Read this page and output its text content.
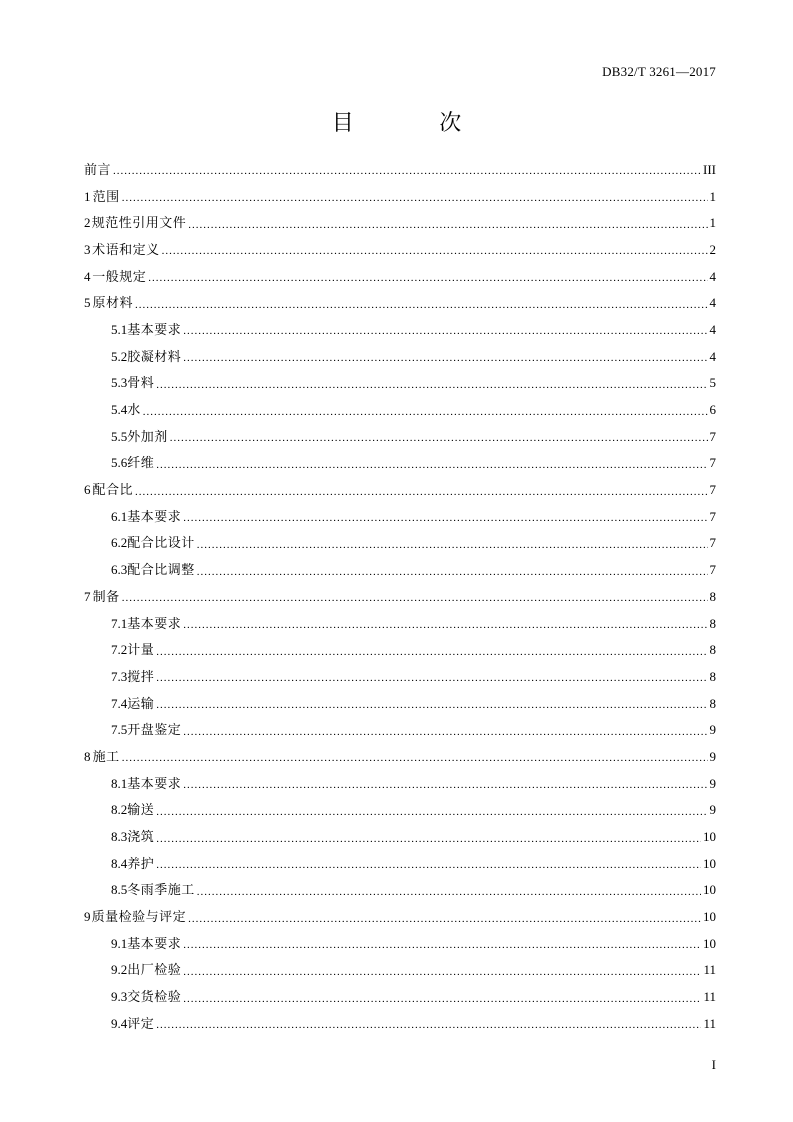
DB32/T 3261—2017
目 次
前言 .....	III
1 范围 .....	1
2 规范性引用文件 .....	1
3 术语和定义 .....	2
4 一般规定 .....	4
5 原材料 .....	4
5.1 基本要求 .....	4
5.2 胶凝材料 .....	4
5.3 骨料 .....	5
5.4 水 .....	6
5.5 外加剂 .....	7
5.6 纤维 .....	7
6 配合比 .....	7
6.1 基本要求 .....	7
6.2 配合比设计 .....	7
6.3 配合比调整 .....	7
7 制备 .....	8
7.1 基本要求 .....	8
7.2 计量 .....	8
7.3 搅拌 .....	8
7.4 运输 .....	8
7.5 开盘鉴定 .....	9
8 施工 .....	9
8.1 基本要求 .....	9
8.2 输送 .....	9
8.3 浇筑 .....	10
8.4 养护 .....	10
8.5 冬雨季施工 .....	10
9 质量检验与评定 .....	10
9.1 基本要求 .....	10
9.2 出厂检验 .....	11
9.3 交货检验 .....	11
9.4 评定 .....	11
I
